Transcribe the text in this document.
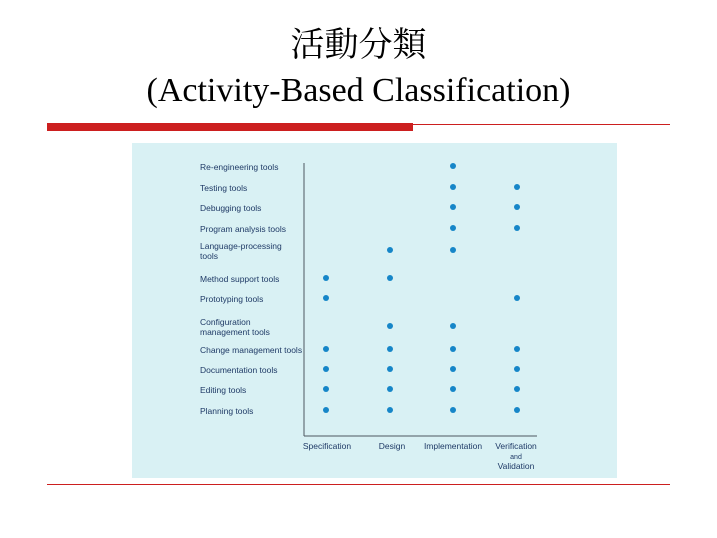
活動分類
(Activity-Based Classification)
Re-engineering tools
Testing tools
Debugging tools
Program analysis tools
Language-processing tools
Method support tools
Prototyping tools
Configuration management tools
Change management tools
Documentation tools
Editing tools
Planning tools
Specification	Design Implementation Verification and Validation
